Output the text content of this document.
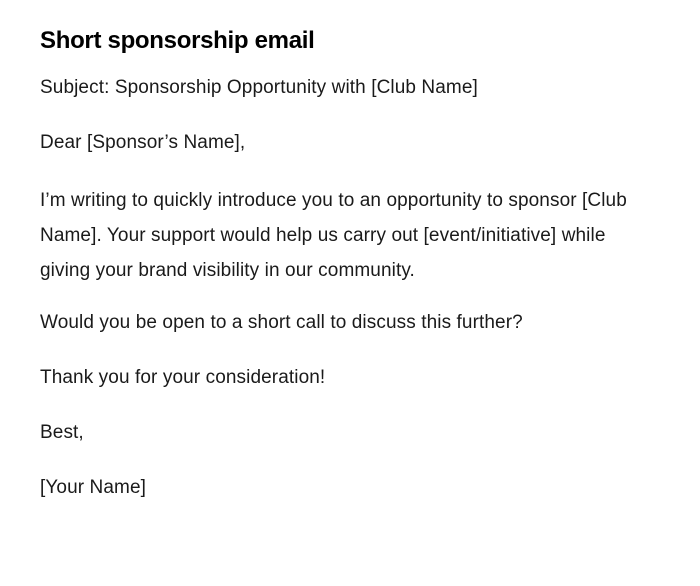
Short sponsorship email

Subject: Sponsorship Opportunity with [Club Name]

Dear [Sponsor’s Name],

I’m writing to quickly introduce you to an opportunity to sponsor [Club Name]. Your support would help us carry out [event/initiative] while giving your brand visibility in our community.

Would you be open to a short call to discuss this further?

Thank you for your consideration!

Best,

[Your Name]
